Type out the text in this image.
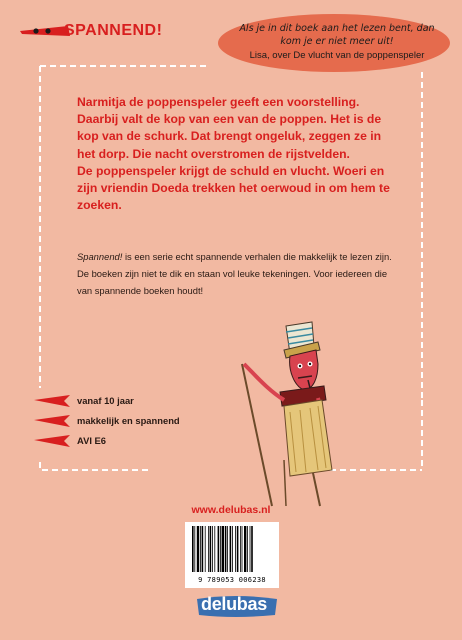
SPANNEND!	Als je in dit boek aan het lezen bent, dan kom je er niet meer uit!
Lisa, over De vlucht van de poppenspeler

Narmitja de poppenspeler geeft een voorstelling. Daarbij valt de kop van een van de poppen. Het is de kop van de schurk. Dat brengt ongeluk, zeggen ze in het dorp. Die nacht overstromen de rijstvelden.

De poppenspeler krijgt de schuld en vlucht. Woeri en zijn vriendin Doeda trekken het oerwoud in om hem te zoeken.

Spannend! is een serie echt spannende verhalen die makkelijk te lezen zijn. De boeken zijn niet te dik en staan vol leuke tekeningen. Voor iedereen die van spannende boeken houdt!
vanaf 10 jaar
makkelijk en spannend
AVI E6
www.delubas.nl
9 789053 006238
delubas
